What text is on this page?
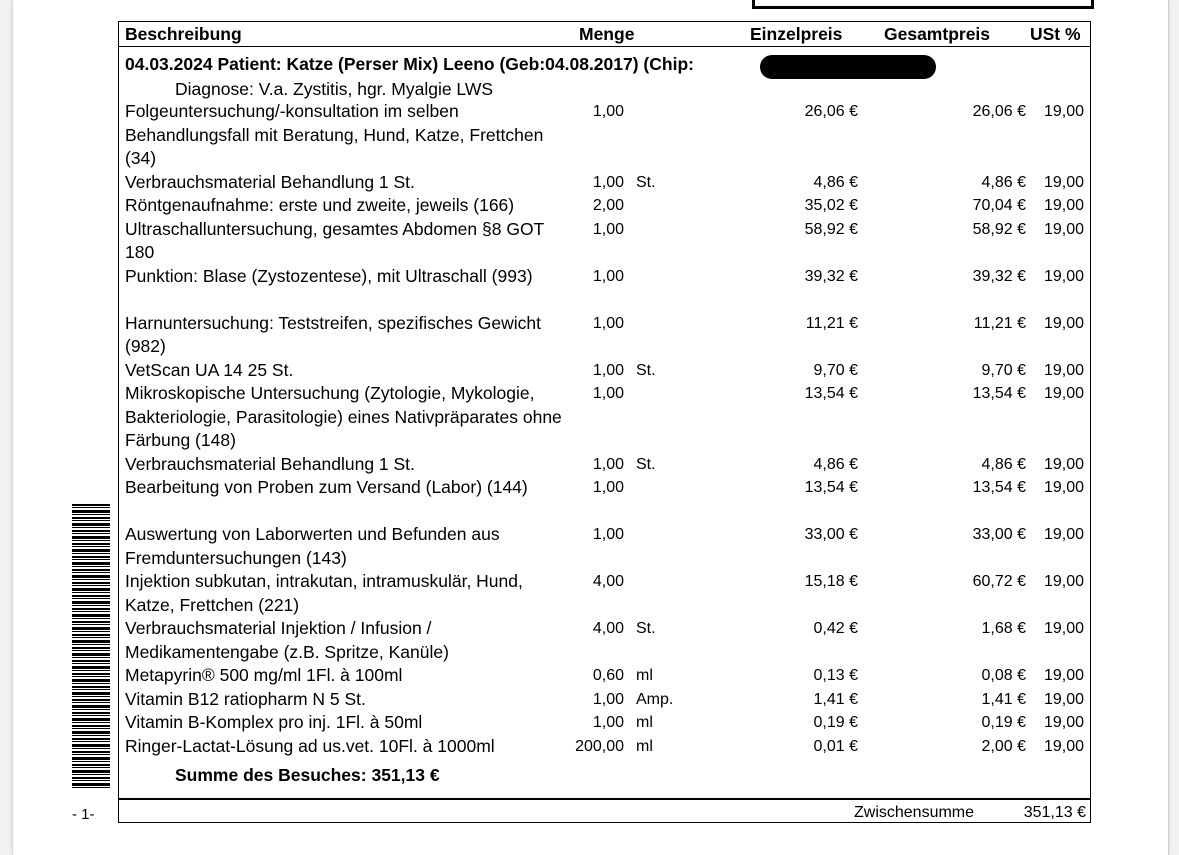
Beschreibung	Menge	Einzelpreis Gesamtpreis USt %
04.03.2024 Patient: Katze (Perser Mix) Leeno (Geb:04.08.2017) (Chip:
Diagnose: V.a. Zystitis, hgr. Myalgie LWS
Folgeuntersuchung/-konsultation im selben Behandlungsfall mit Beratung, Hund, Katze, Frettchen (34)
1,00	26,06 €	26,06 €	19,00
Verbrauchsmaterial Behandlung 1 St.	1,00 St.	4,86 €	4,86 €	19,00
Röntgenaufnahme: erste und zweite, jeweils (166)	2,00	35,02 €	70,04 €	19,00
Ultraschalluntersuchung, gesamtes Abdomen §8 GOT 180
1,00	58,92 €	58,92 €	19,00
Punktion: Blase (Zystozentese), mit Ultraschall (993)	1,00	39,32 €	39,32 €	19,00
Harnuntersuchung: Teststreifen, spezifisches Gewicht (982)
1,00	11,21 €	11,21 €	19,00
VetScan UA 14 25 St.	1,00 St.	9,70 €	9,70 €	19,00
Mikroskopische Untersuchung (Zytologie, Mykologie, Bakteriologie, Parasitologie) eines Nativpräparates ohne Färbung (148)
1,00	13,54 €	13,54 €	19,00
Verbrauchsmaterial Behandlung 1 St.	1,00 St.	4,86 €	4,86 €	19,00
Bearbeitung von Proben zum Versand (Labor) (144)	1,00	13,54 €	13,54 €	19,00
Auswertung von Laborwerten und Befunden aus Fremduntersuchungen (143)
1,00	33,00 €	33,00 €	19,00
Injektion subkutan, intrakutan, intramuskulär, Hund, Katze, Frettchen (221)
4,00	15,18 €	60,72 €	19,00
Verbrauchsmaterial Injektion / Infusion / Medikamentengabe (z.B. Spritze, Kanüle)
4,00 St.	0,42 €	1,68 €	19,00
Metapyrin® 500 mg/ml 1Fl. à 100ml	0,60 ml	0,13 €	0,08 €	19,00
Vitamin B12 ratiopharm N 5 St.	1,00 Amp.	1,41 €	1,41 €	19,00
Vitamin B-Komplex pro inj. 1Fl. à 50ml	1,00 ml	0,19 €	0,19 €	19,00
Ringer-Lactat-Lösung ad us.vet. 10Fl. à 1000ml	200,00 ml	0,01 €	2,00 €	19,00
Summe des Besuches: 351,13 €
Zwischensumme	351,13 €
- 1-
